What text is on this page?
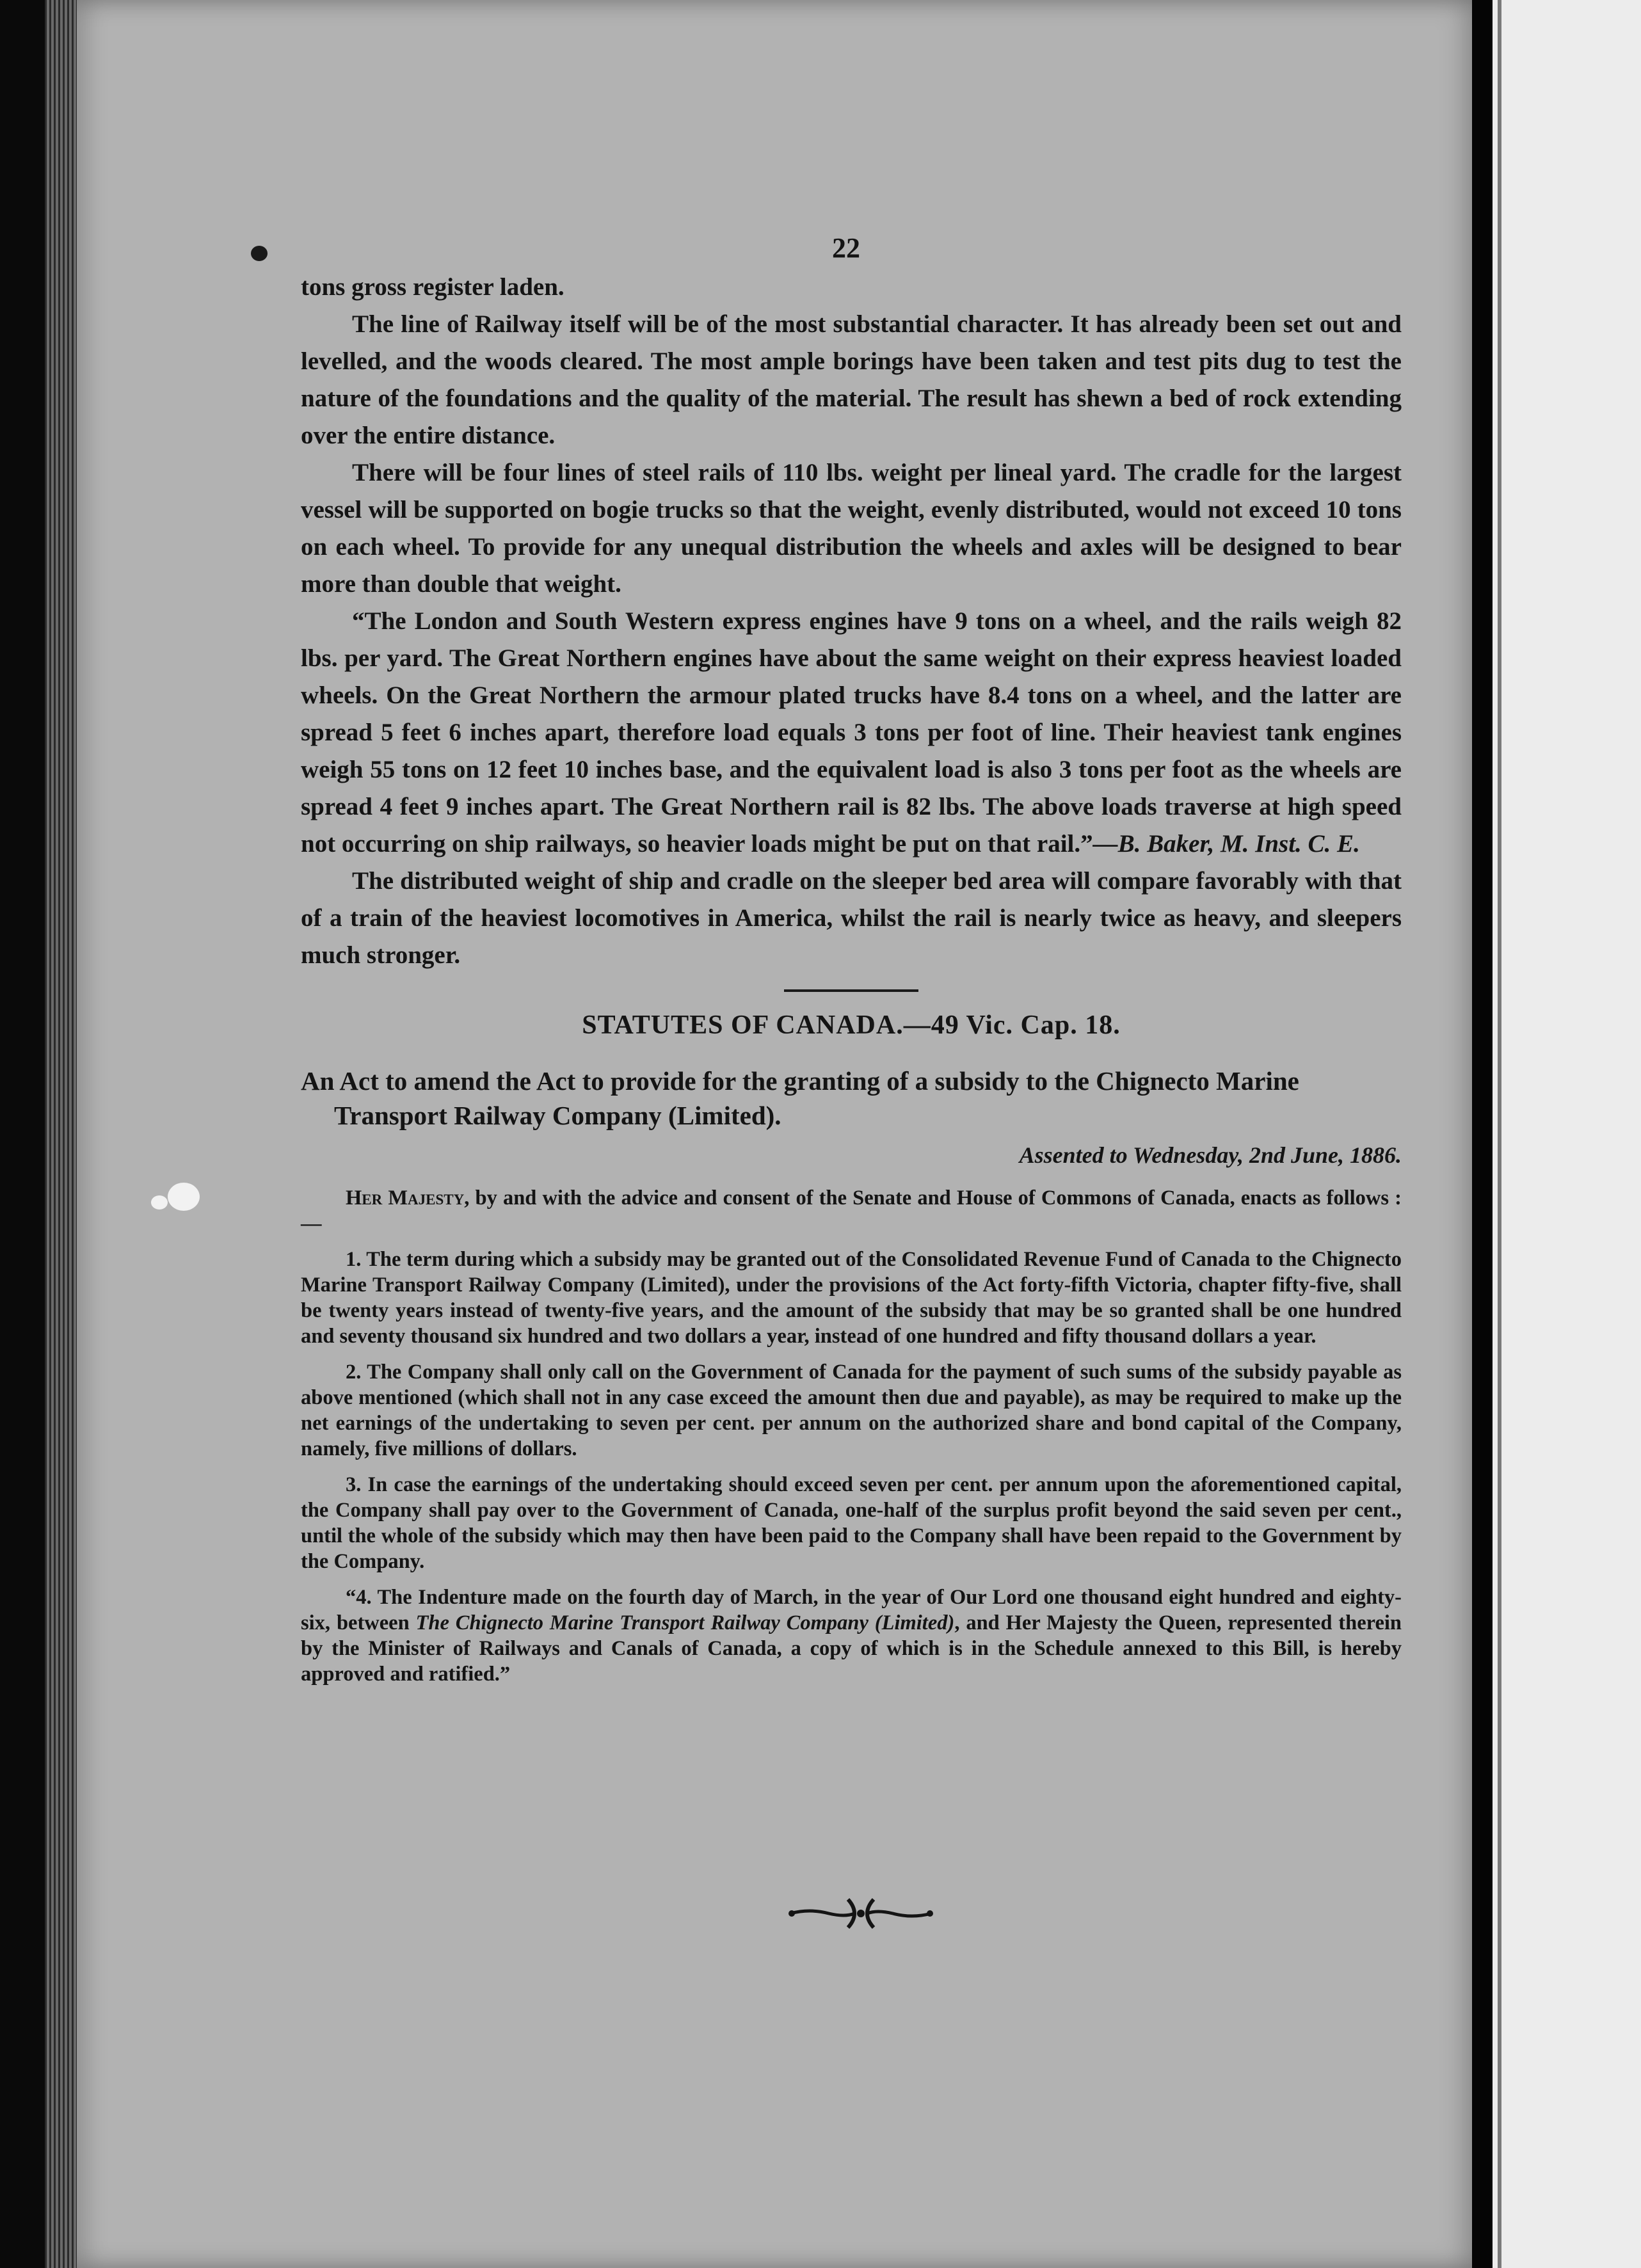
22

tons gross register laden.

The line of Railway itself will be of the most substantial character. It has already been set out and levelled, and the woods cleared. The most ample borings have been taken and test pits dug to test the nature of the foundations and the quality of the material. The result has shewn a bed of rock extending over the entire distance.

There will be four lines of steel rails of 110 lbs. weight per lineal yard. The cradle for the largest vessel will be supported on bogie trucks so that the weight, evenly distributed, would not exceed 10 tons on each wheel. To provide for any unequal distribution the wheels and axles will be designed to bear more than double that weight.

“The London and South Western express engines have 9 tons on a wheel, and the rails weigh 82 lbs. per yard. The Great Northern engines have about the same weight on their express heaviest loaded wheels. On the Great Northern the armour plated trucks have 8.4 tons on a wheel, and the latter are spread 5 feet 6 inches apart, therefore load equals 3 tons per foot of line. Their heaviest tank engines weigh 55 tons on 12 feet 10 inches base, and the equivalent load is also 3 tons per foot as the wheels are spread 4 feet 9 inches apart. The Great Northern rail is 82 lbs. The above loads traverse at high speed not occurring on ship railways, so heavier loads might be put on that rail.”—B. Baker, M. Inst. C. E.

The distributed weight of ship and cradle on the sleeper bed area will compare favorably with that of a train of the heaviest locomotives in America, whilst the rail is nearly twice as heavy, and sleepers much stronger.

STATUTES OF CANADA.—49 Vic. Cap. 18.

An Act to amend the Act to provide for the granting of a subsidy to the Chignecto Marine Transport Railway Company (Limited).

Assented to Wednesday, 2nd June, 1886.

Her Majesty, by and with the advice and consent of the Senate and House of Commons of Canada, enacts as follows :—

1. The term during which a subsidy may be granted out of the Consolidated Revenue Fund of Canada to the Chignecto Marine Transport Railway Company (Limited), under the provisions of the Act forty-fifth Victoria, chapter fifty-five, shall be twenty years instead of twenty-five years, and the amount of the subsidy that may be so granted shall be one hundred and seventy thousand six hundred and two dollars a year, instead of one hundred and fifty thousand dollars a year.

2. The Company shall only call on the Government of Canada for the payment of such sums of the subsidy payable as above mentioned (which shall not in any case exceed the amount then due and payable), as may be required to make up the net earnings of the undertaking to seven per cent. per annum on the authorized share and bond capital of the Company, namely, five millions of dollars.

3. In case the earnings of the undertaking should exceed seven per cent. per annum upon the aforementioned capital, the Company shall pay over to the Government of Canada, one-half of the surplus profit beyond the said seven per cent., until the whole of the subsidy which may then have been paid to the Company shall have been repaid to the Government by the Company.

“4. The Indenture made on the fourth day of March, in the year of Our Lord one thousand eight hundred and eighty-six, between The Chignecto Marine Transport Railway Company (Limited), and Her Majesty the Queen, represented therein by the Minister of Railways and Canals of Canada, a copy of which is in the Schedule annexed to this Bill, is hereby approved and ratified.”
